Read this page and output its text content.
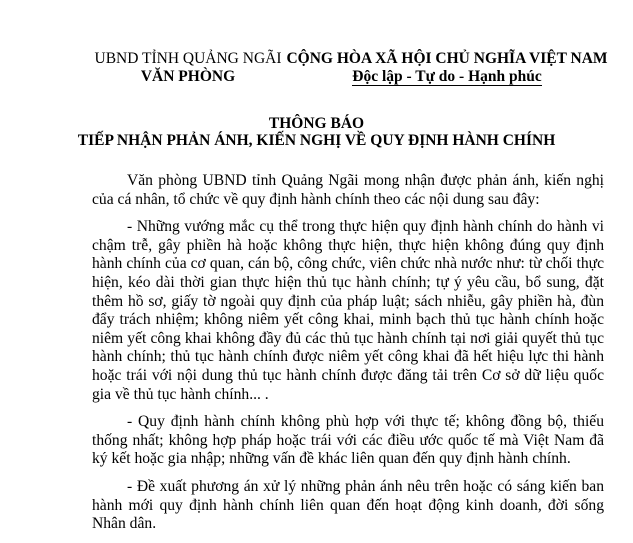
UBND TỈNH QUẢNG NGÃI
VĂN PHÒNG
CỘNG HÒA XÃ HỘI CHỦ NGHĨA VIỆT NAM
Độc lập - Tự do - Hạnh phúc
THÔNG BÁO
TIẾP NHẬN PHẢN ÁNH, KIẾN NGHỊ VỀ QUY ĐỊNH HÀNH CHÍNH

Văn phòng UBND tỉnh Quảng Ngãi mong nhận được phản ánh, kiến nghị của cá nhân, tổ chức về quy định hành chính theo các nội dung sau đây:

- Những vướng mắc cụ thể trong thực hiện quy định hành chính do hành vi chậm trễ, gây phiền hà hoặc không thực hiện, thực hiện không đúng quy định hành chính của cơ quan, cán bộ, công chức, viên chức nhà nước như: từ chối thực hiện, kéo dài thời gian thực hiện thủ tục hành chính; tự ý yêu cầu, bổ sung, đặt thêm hồ sơ, giấy tờ ngoài quy định của pháp luật; sách nhiễu, gây phiền hà, đùn đẩy trách nhiệm; không niêm yết công khai, minh bạch thủ tục hành chính hoặc niêm yết công khai không đầy đủ các thủ tục hành chính tại nơi giải quyết thủ tục hành chính; thủ tục hành chính được niêm yết công khai đã hết hiệu lực thi hành hoặc trái với nội dung thủ tục hành chính được đăng tải trên Cơ sở dữ liệu quốc gia về thủ tục hành chính... .

- Quy định hành chính không phù hợp với thực tế; không đồng bộ, thiếu thống nhất; không hợp pháp hoặc trái với các điều ước quốc tế mà Việt Nam đã ký kết hoặc gia nhập; những vấn đề khác liên quan đến quy định hành chính.

- Đề xuất phương án xử lý những phản ánh nêu trên hoặc có sáng kiến ban hành mới quy định hành chính liên quan đến hoạt động kinh doanh, đời sống Nhân dân.
